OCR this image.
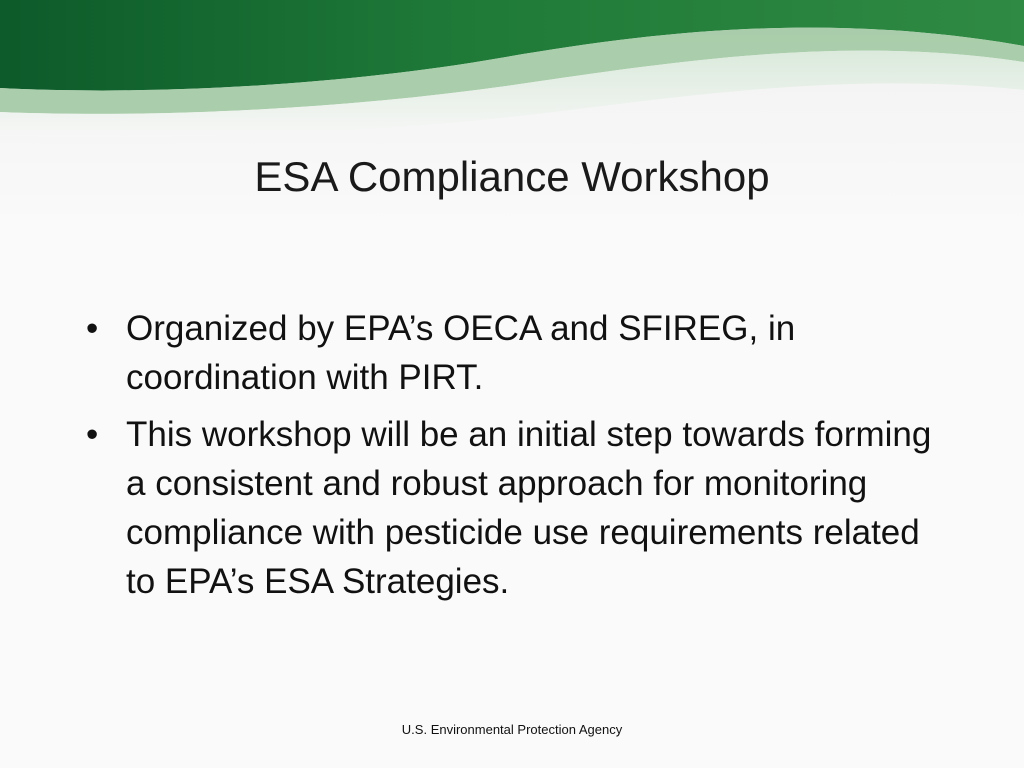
ESA Compliance Workshop
• Organized by EPA’s OECA and SFIREG, in coordination with PIRT.
• This workshop will be an initial step towards forming a consistent and robust approach for monitoring compliance with pesticide use requirements related to EPA’s ESA Strategies.
U.S. Environmental Protection Agency
